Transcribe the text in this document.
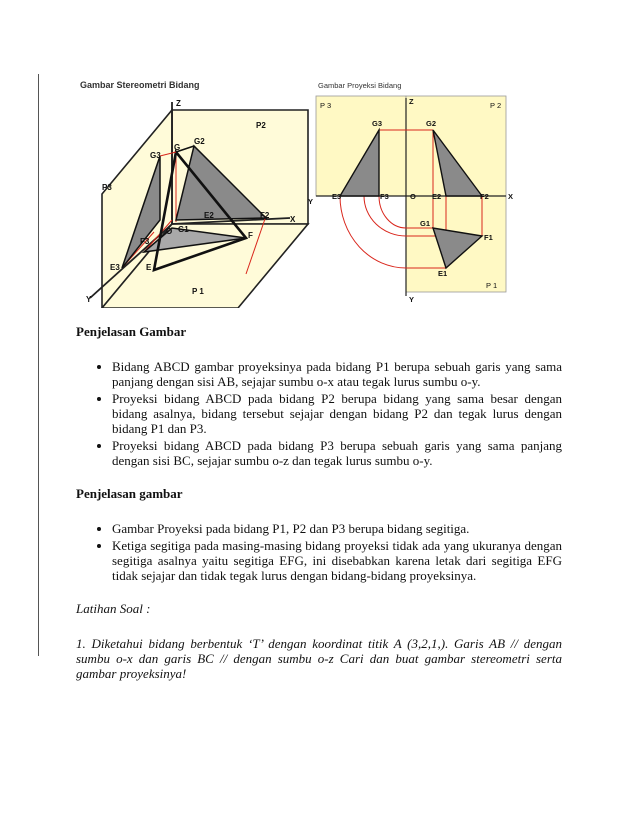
Gambar Stereometri Bidang
Z
Y
X
P 1
P2
P3
O G1
G2
G3
G
E
E2
E3
F
F2
F3
Gambar Proyeksi Bidang
Z
Y
Y
X
P 1
P 2
P 3
O
G1
G2
G3
E1
E2
E3
F1
F2
F3
Penjelasan Gambar
• Bidang ABCD gambar proyeksinya pada bidang P1 berupa sebuah garis yang sama panjang dengan sisi AB, sejajar sumbu o-x atau tegak lurus sumbu o-y.
• Proyeksi bidang ABCD pada bidang P2 berupa bidang yang sama besar dengan bidang asalnya, bidang tersebut sejajar dengan bidang P2 dan tegak lurus dengan bidang P1 dan P3.
• Proyeksi bidang ABCD pada bidang P3 berupa sebuah garis yang sama panjang dengan sisi BC, sejajar sumbu o-z dan tegak lurus sumbu o-y.
Penjelasan gambar
• Gambar Proyeksi pada bidang P1, P2 dan P3 berupa bidang segitiga.
• Ketiga segitiga pada masing-masing bidang proyeksi tidak ada yang ukuranya dengan segitiga asalnya yaitu segitiga EFG, ini disebabkan karena letak dari segitiga EFG tidak sejajar dan tidak tegak lurus dengan bidang-bidang proyeksinya.

Latihan Soal :

1. Diketahui bidang berbentuk ‘T’ dengan koordinat titik A (3,2,1,). Garis AB // dengan sumbu o-x dan garis BC // dengan sumbu o-z Cari dan buat gambar stereometri serta gambar proyeksinya!
